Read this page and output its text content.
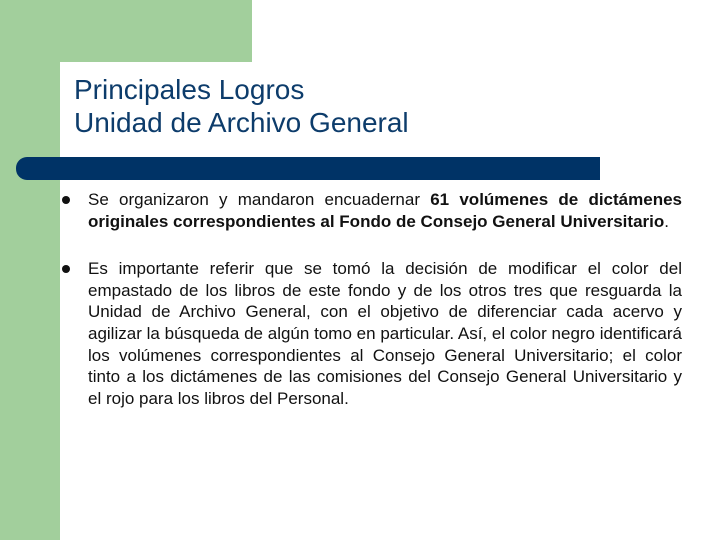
Principales Logros
Unidad de Archivo General
Se organizaron y mandaron encuadernar 61 volúmenes de dictámenes originales correspondientes al Fondo de Consejo General Universitario.
Es importante referir que se tomó la decisión de modificar el color del empastado de los libros de este fondo y de los otros tres que resguarda la Unidad de Archivo General, con el objetivo de diferenciar cada acervo y agilizar la búsqueda de algún tomo en particular. Así, el color negro identificará los volúmenes correspondientes al Consejo General Universitario; el color tinto a los dictámenes de las comisiones del Consejo General Universitario y el rojo para los libros del Personal.
